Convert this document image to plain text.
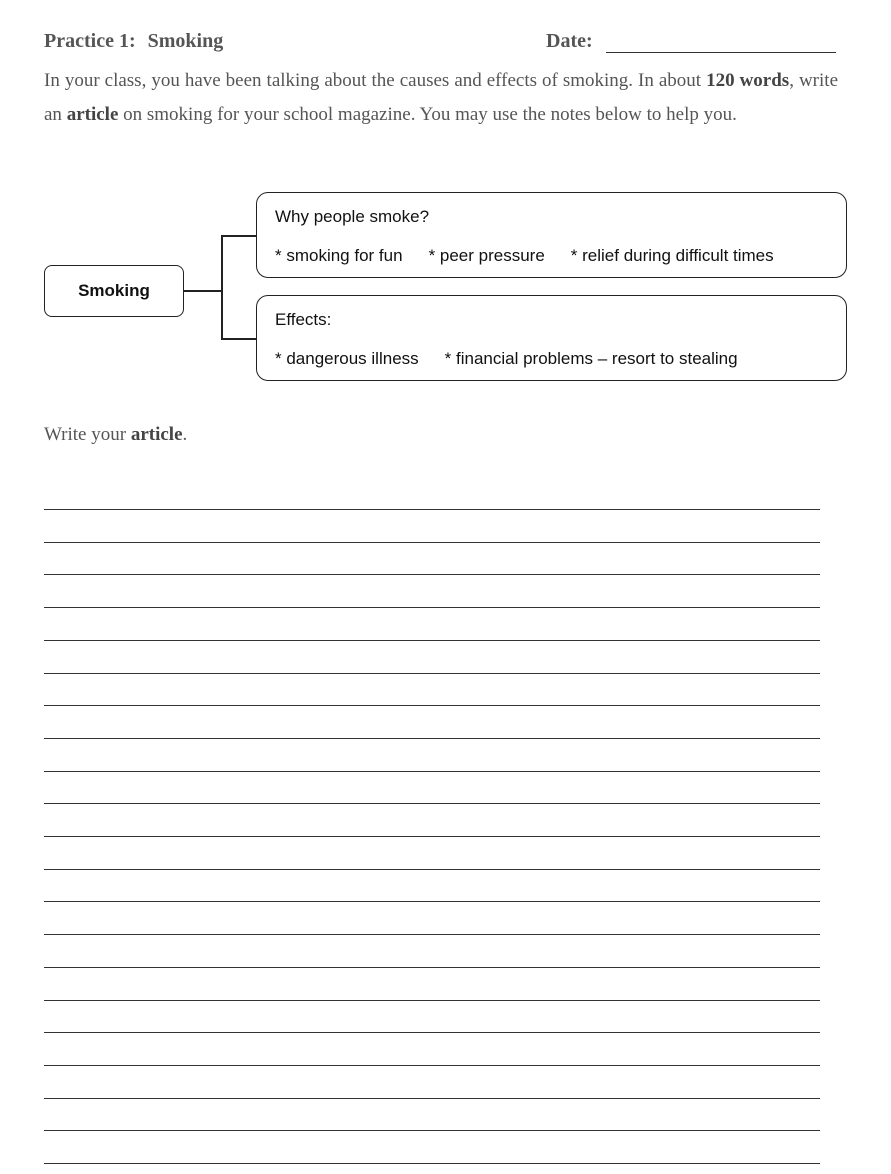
Practice 1: Smoking	Date:
In your class, you have been talking about the causes and effects of smoking. In about 120 words, write an article on smoking for your school magazine. You may use the notes below to help you.
Smoking
Why people smoke?
* smoking for fun * peer pressure * relief during difficult times
Effects:
* dangerous illness * financial problems – resort to stealing
Write your article.
